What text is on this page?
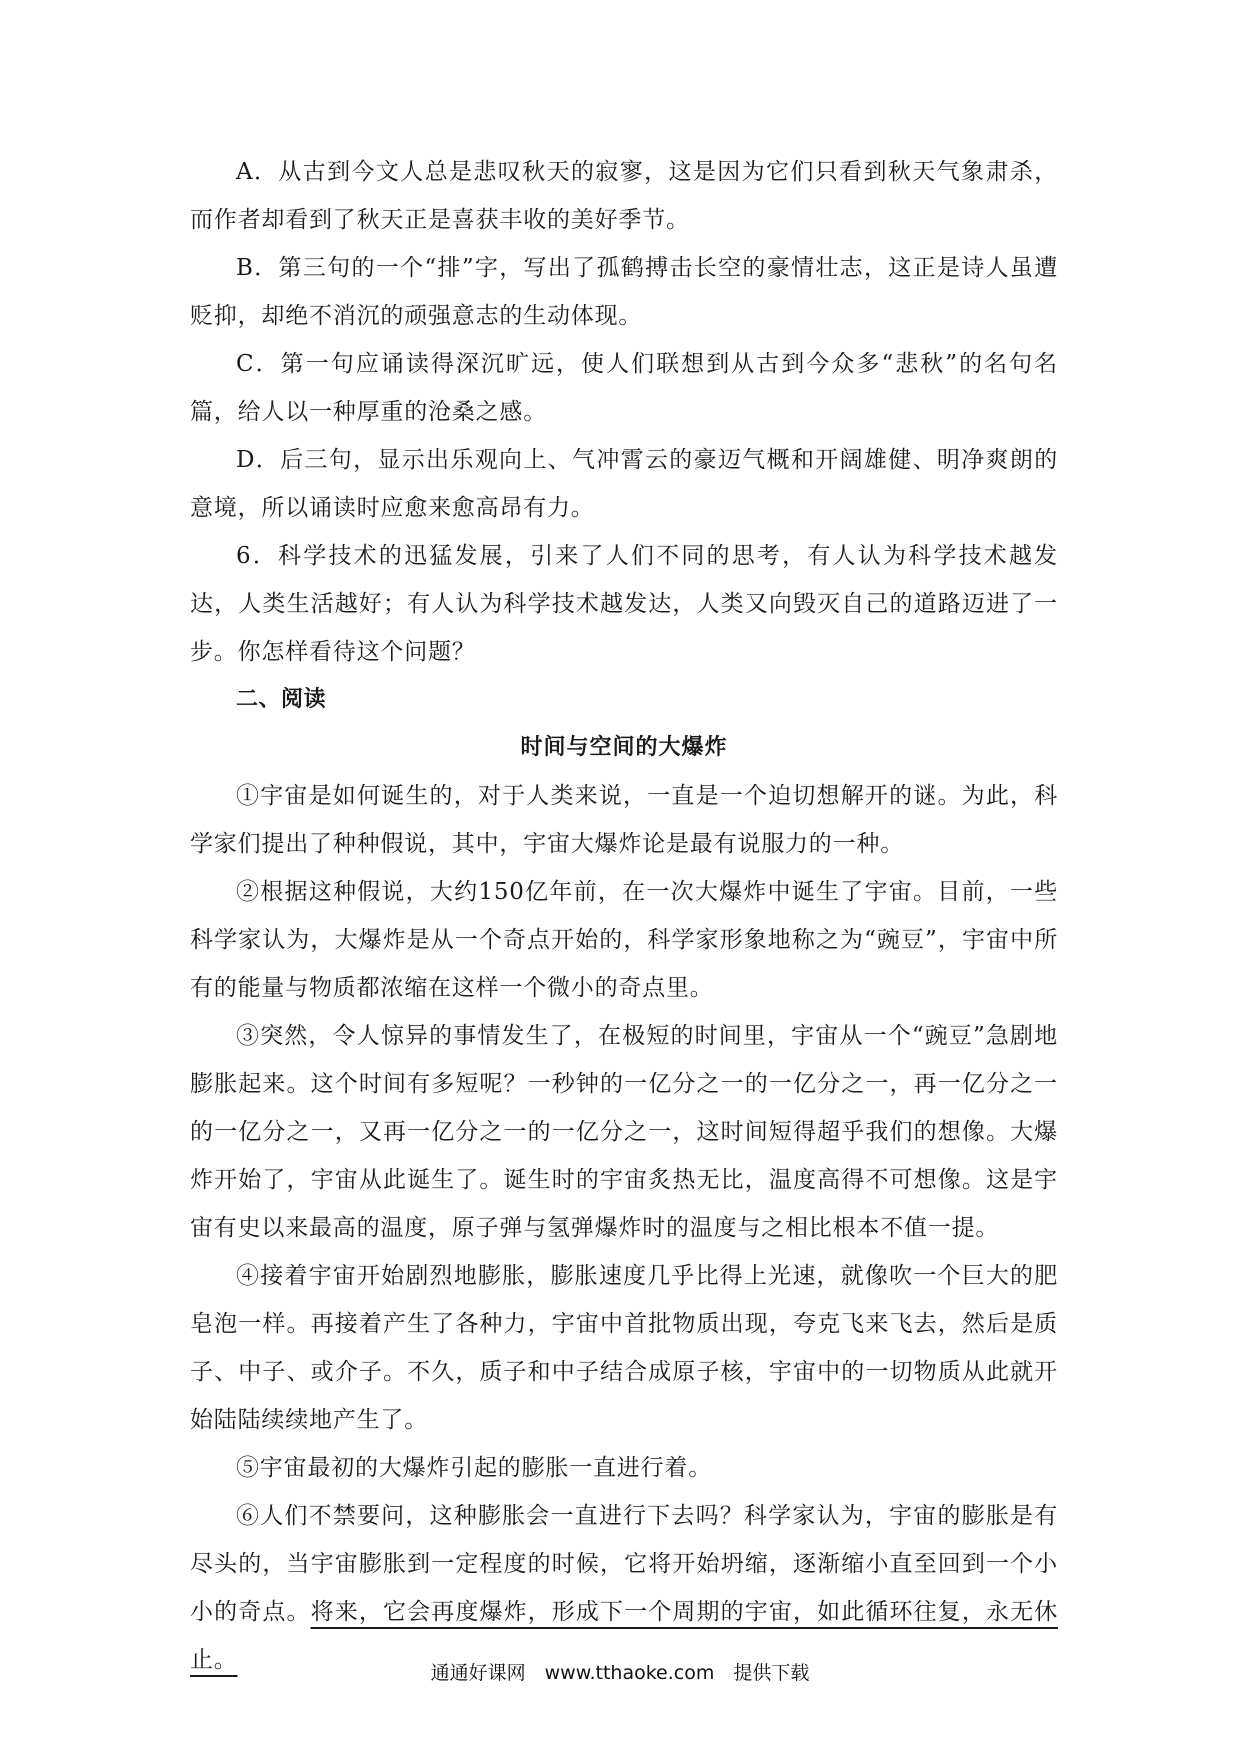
A．从古到今文人总是悲叹秋天的寂寥，这是因为它们只看到秋天气象肃杀，而作者却看到了秋天正是喜获丰收的美好季节。

B．第三句的一个“排”字，写出了孤鹤搏击长空的豪情壮志，这正是诗人虽遭贬抑，却绝不消沉的顽强意志的生动体现。

C．第一句应诵读得深沉旷远，使人们联想到从古到今众多“悲秋”的名句名篇，给人以一种厚重的沧桑之感。

D．后三句，显示出乐观向上、气冲霄云的豪迈气概和开阔雄健、明净爽朗的意境，所以诵读时应愈来愈高昂有力。

6．科学技术的迅猛发展，引来了人们不同的思考，有人认为科学技术越发达，人类生活越好；有人认为科学技术越发达，人类又向毁灭自己的道路迈进了一步。你怎样看待这个问题？

二、阅读

时间与空间的大爆炸

①宇宙是如何诞生的，对于人类来说，一直是一个迫切想解开的谜。为此，科学家们提出了种种假说，其中，宇宙大爆炸论是最有说服力的一种。

②根据这种假说，大约150亿年前，在一次大爆炸中诞生了宇宙。目前，一些科学家认为，大爆炸是从一个奇点开始的，科学家形象地称之为“豌豆”，宇宙中所有的能量与物质都浓缩在这样一个微小的奇点里。

③突然，令人惊异的事情发生了，在极短的时间里，宇宙从一个“豌豆”急剧地膨胀起来。这个时间有多短呢？一秒钟的一亿分之一的一亿分之一，再一亿分之一的一亿分之一，又再一亿分之一的一亿分之一，这时间短得超乎我们的想像。大爆炸开始了，宇宙从此诞生了。诞生时的宇宙炙热无比，温度高得不可想像。这是宇宙有史以来最高的温度，原子弹与氢弹爆炸时的温度与之相比根本不值一提。

④接着宇宙开始剧烈地膨胀，膨胀速度几乎比得上光速，就像吹一个巨大的肥皂泡一样。再接着产生了各种力，宇宙中首批物质出现，夸克飞来飞去，然后是质子、中子、或介子。不久，质子和中子结合成原子核，宇宙中的一切物质从此就开始陆陆续续地产生了。

⑤宇宙最初的大爆炸引起的膨胀一直进行着。

⑥人们不禁要问，这种膨胀会一直进行下去吗？科学家认为，宇宙的膨胀是有尽头的，当宇宙膨胀到一定程度的时候，它将开始坍缩，逐渐缩小直至回到一个小小的奇点。将来，它会再度爆炸，形成下一个周期的宇宙，如此循环往复，永无休止。	通通好课网　www.tthaoke.com　提供下载
